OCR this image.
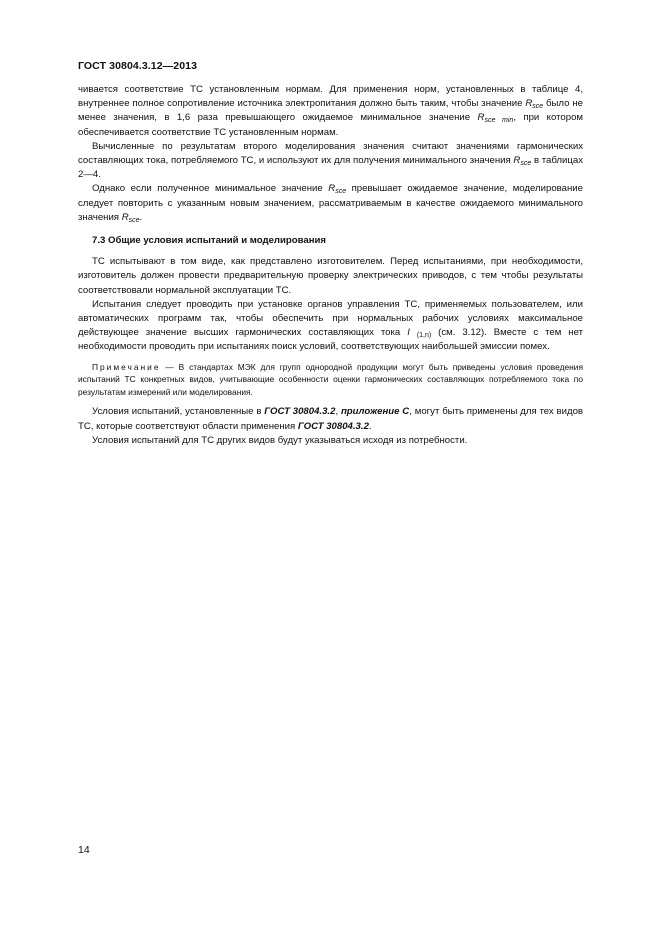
ГОСТ 30804.3.12—2013

чивается соответствие ТС установленным нормам. Для применения норм, установленных в таблице 4, внутреннее полное сопротивление источника электропитания должно быть таким, чтобы значение $R_{sce}$ было не менее значения, в 1,6 раза превышающего ожидаемое минимальное значение $R_{sce min}$, при котором обеспечивается соответствие ТС установленным нормам.

Вычисленные по результатам второго моделирования значения считают значениями гармонических составляющих тока, потребляемого ТС, и используют их для получения минимального значения $R_{sce}$ в таблицах 2—4.

Однако если полученное минимальное значение $R_{sce}$ превышает ожидаемое значение, моделирование следует повторить с указанным новым значением, рассматриваемым в качестве ожидаемого минимального значения $R_{sce}$.

7.3 Общие условия испытаний и моделирования

ТС испытывают в том виде, как представлено изготовителем. Перед испытаниями, при необходимости, изготовитель должен провести предварительную проверку электрических приводов, с тем чтобы результаты соответствовали нормальной эксплуатации ТС.

Испытания следует проводить при установке органов управления ТС, применяемых пользователем, или автоматических программ так, чтобы обеспечить при нормальных рабочих условиях максимальное действующее значение высших гармонических составляющих тока I $_{(1,n)}$ (см. 3.12). Вместе с тем нет необходимости проводить при испытаниях поиск условий, соответствующих наибольшей эмиссии помех.

Примечание — В стандартах МЭК для групп однородной продукции могут быть приведены условия проведения испытаний ТС конкретных видов, учитывающие особенности оценки гармонических составляющих потребляемого тока по результатам измерений или моделирования.

Условия испытаний, установленные в ГОСТ 30804.3.2, приложение С, могут быть применены для тех видов ТС, которые соответствуют области применения ГОСТ 30804.3.2.

Условия испытаний для ТС других видов будут указываться исходя из потребности.

14
